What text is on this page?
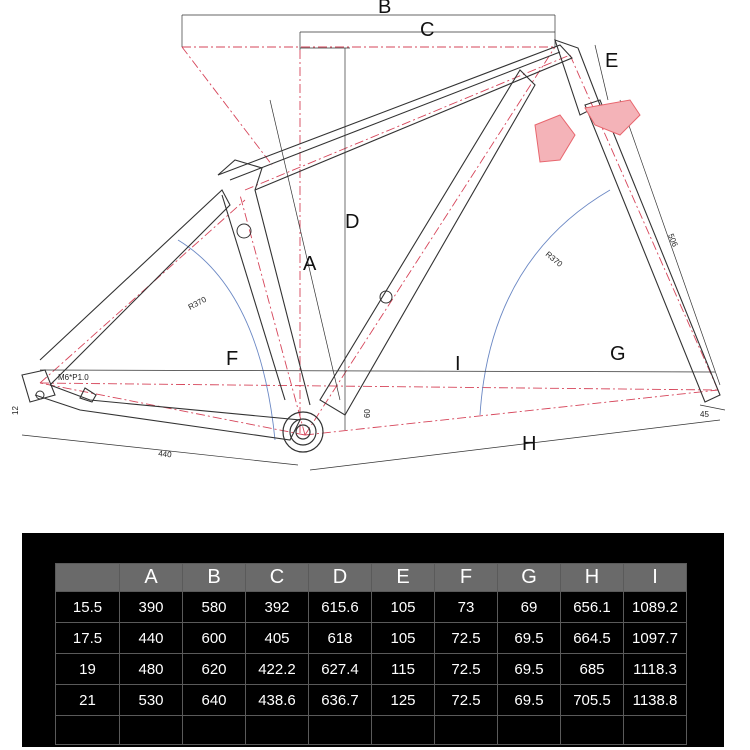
B
C
E
D
A
F	I	G
H
R370
R370
440
60
506
M6*P1.0
45
12
	A	B	C	D	E	F	G	H	I
15.5	390	580	392	615.6	105	73	69	656.1	1089.2
17.5	440	600	405	618	105	72.5	69.5	664.5	1097.7
19	480	620	422.2	627.4	115	72.5	69.5	685	1118.3
21	530	640	438.6	636.7	125	72.5	69.5	705.5	1138.8
